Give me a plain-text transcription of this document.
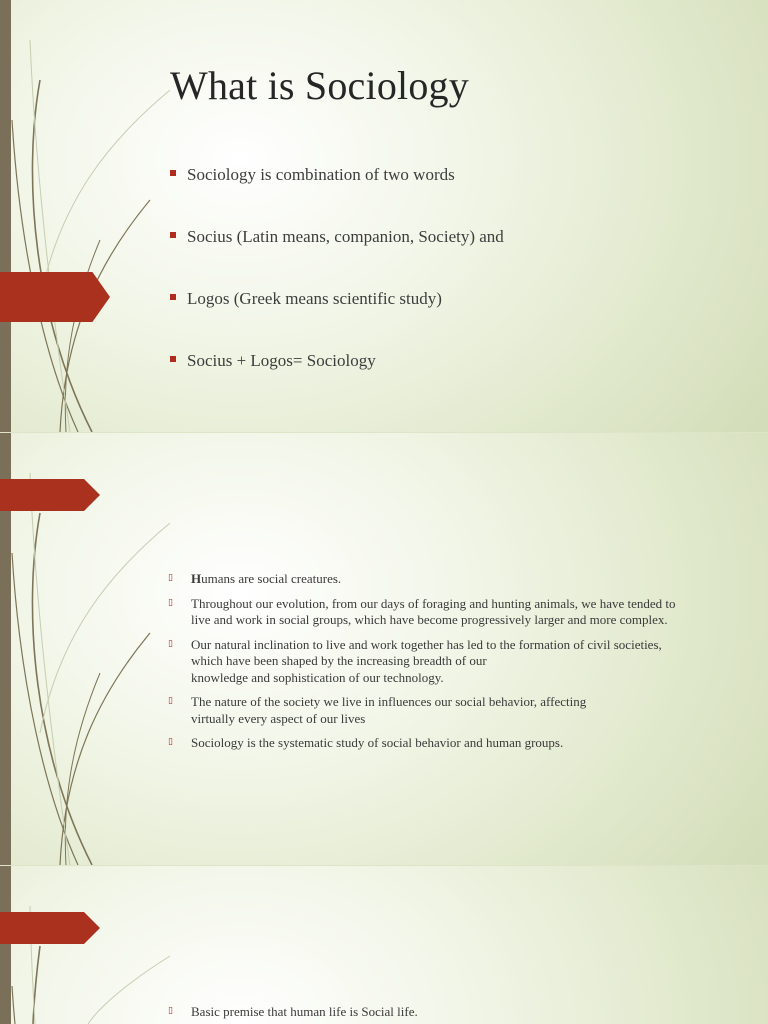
What is Sociology
Sociology is combination of two words
Socius (Latin means, companion, Society) and
Logos (Greek means scientific study)
Socius + Logos= Sociology
▯ Humans are social creatures.
▯ Throughout our evolution, from our days of foraging and hunting animals, we have tended to
live and work in social groups, which have become progressively larger and more complex.
▯ Our natural inclination to live and work together has led to the formation of civil societies,
which have been shaped by the increasing breadth of our
knowledge and sophistication of our technology.
▯ The nature of the society we live in influences our social behavior, affecting
virtually every aspect of our lives
▯ Sociology is the systematic study of social behavior and human groups.
▯ Basic premise that human life is Social life.
